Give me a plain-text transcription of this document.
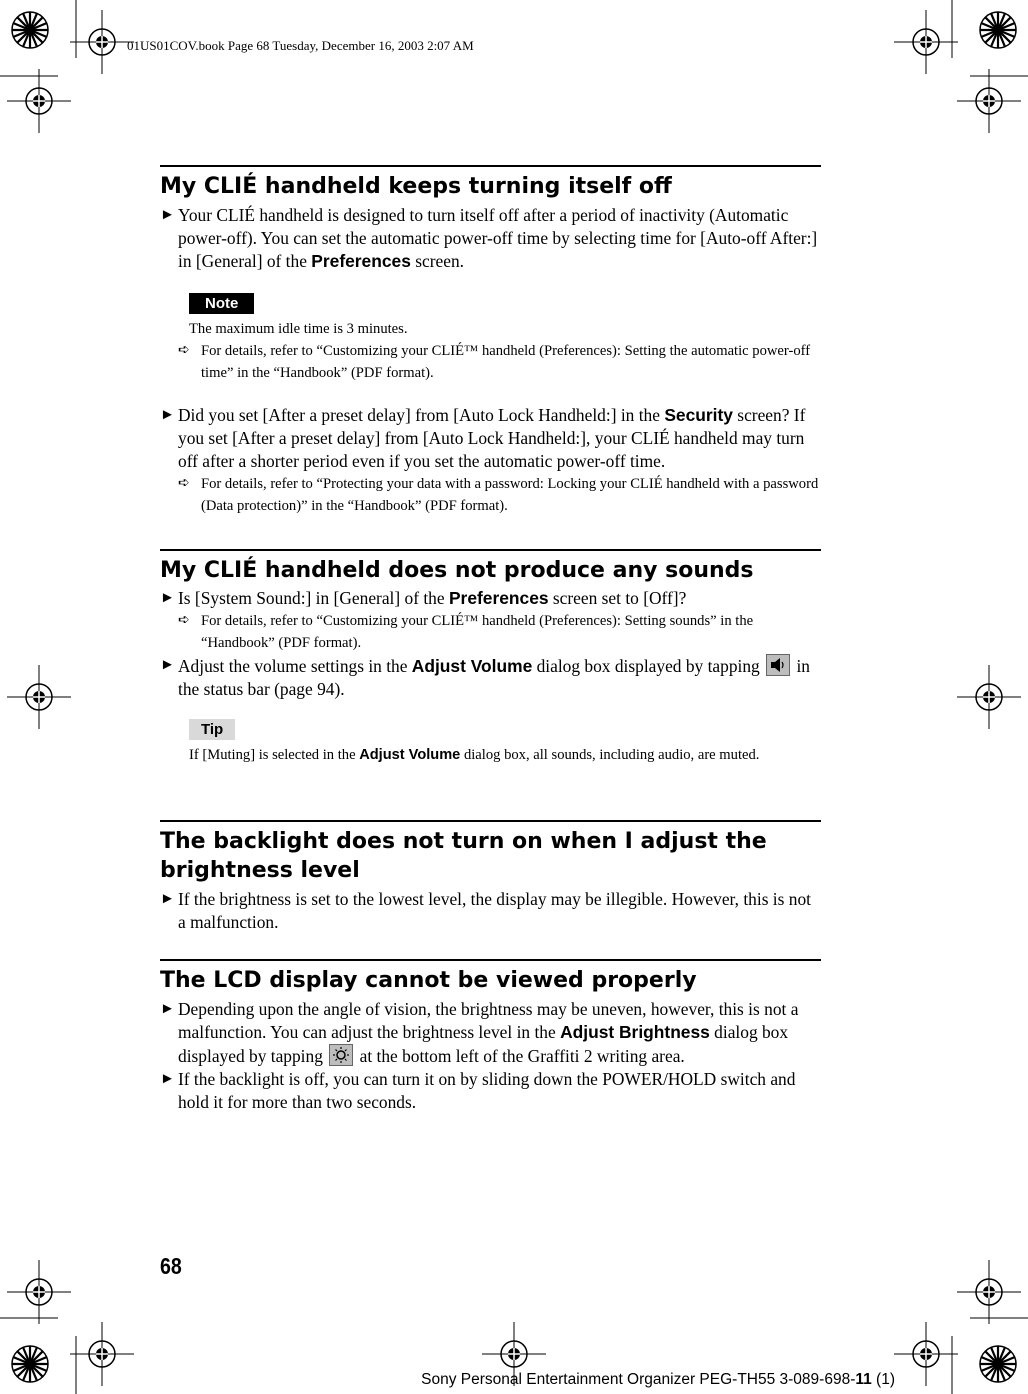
01US01COV.book Page 68 Tuesday, December 16, 2003 2:07 AM
My CLIÉ handheld keeps turning itself off
► Your CLIÉ handheld is designed to turn itself off after a period of inactivity (Automatic power-off). You can set the automatic power-off time by selecting time for [Auto-off After:] in [General] of the Preferences screen.
Note
The maximum idle time is 3 minutes.
➪ For details, refer to “Customizing your CLIÉ™ handheld (Preferences): Setting the automatic power-off time” in the “Handbook” (PDF format).
► Did you set [After a preset delay] from [Auto Lock Handheld:] in the Security screen? If you set [After a preset delay] from [Auto Lock Handheld:], your CLIÉ handheld may turn off after a shorter period even if you set the automatic power-off time.
➪ For details, refer to “Protecting your data with a password: Locking your CLIÉ handheld with a password (Data protection)” in the “Handbook” (PDF format).
My CLIÉ handheld does not produce any sounds
► Is [System Sound:] in [General] of the Preferences screen set to [Off]?
➪ For details, refer to “Customizing your CLIÉ™ handheld (Preferences): Setting sounds” in the “Handbook” (PDF format).
► Adjust the volume settings in the Adjust Volume dialog box displayed by tapping
in the status bar (page 94).
Tip
If [Muting] is selected in the Adjust Volume dialog box, all sounds, including audio, are muted.
The backlight does not turn on when I adjust the brightness level
► If the brightness is set to the lowest level, the display may be illegible. However, this is not a malfunction.
The LCD display cannot be viewed properly
► Depending upon the angle of vision, the brightness may be uneven, however, this is not a malfunction. You can adjust the brightness level in the Adjust Brightness dialog box displayed by tapping
at the bottom left of the Graffiti 2 writing area.
► If the backlight is off, you can turn it on by sliding down the POWER/HOLD switch and hold it for more than two seconds.
68
Sony Personal Entertainment Organizer PEG-TH55 3-089-698-11 (1)
